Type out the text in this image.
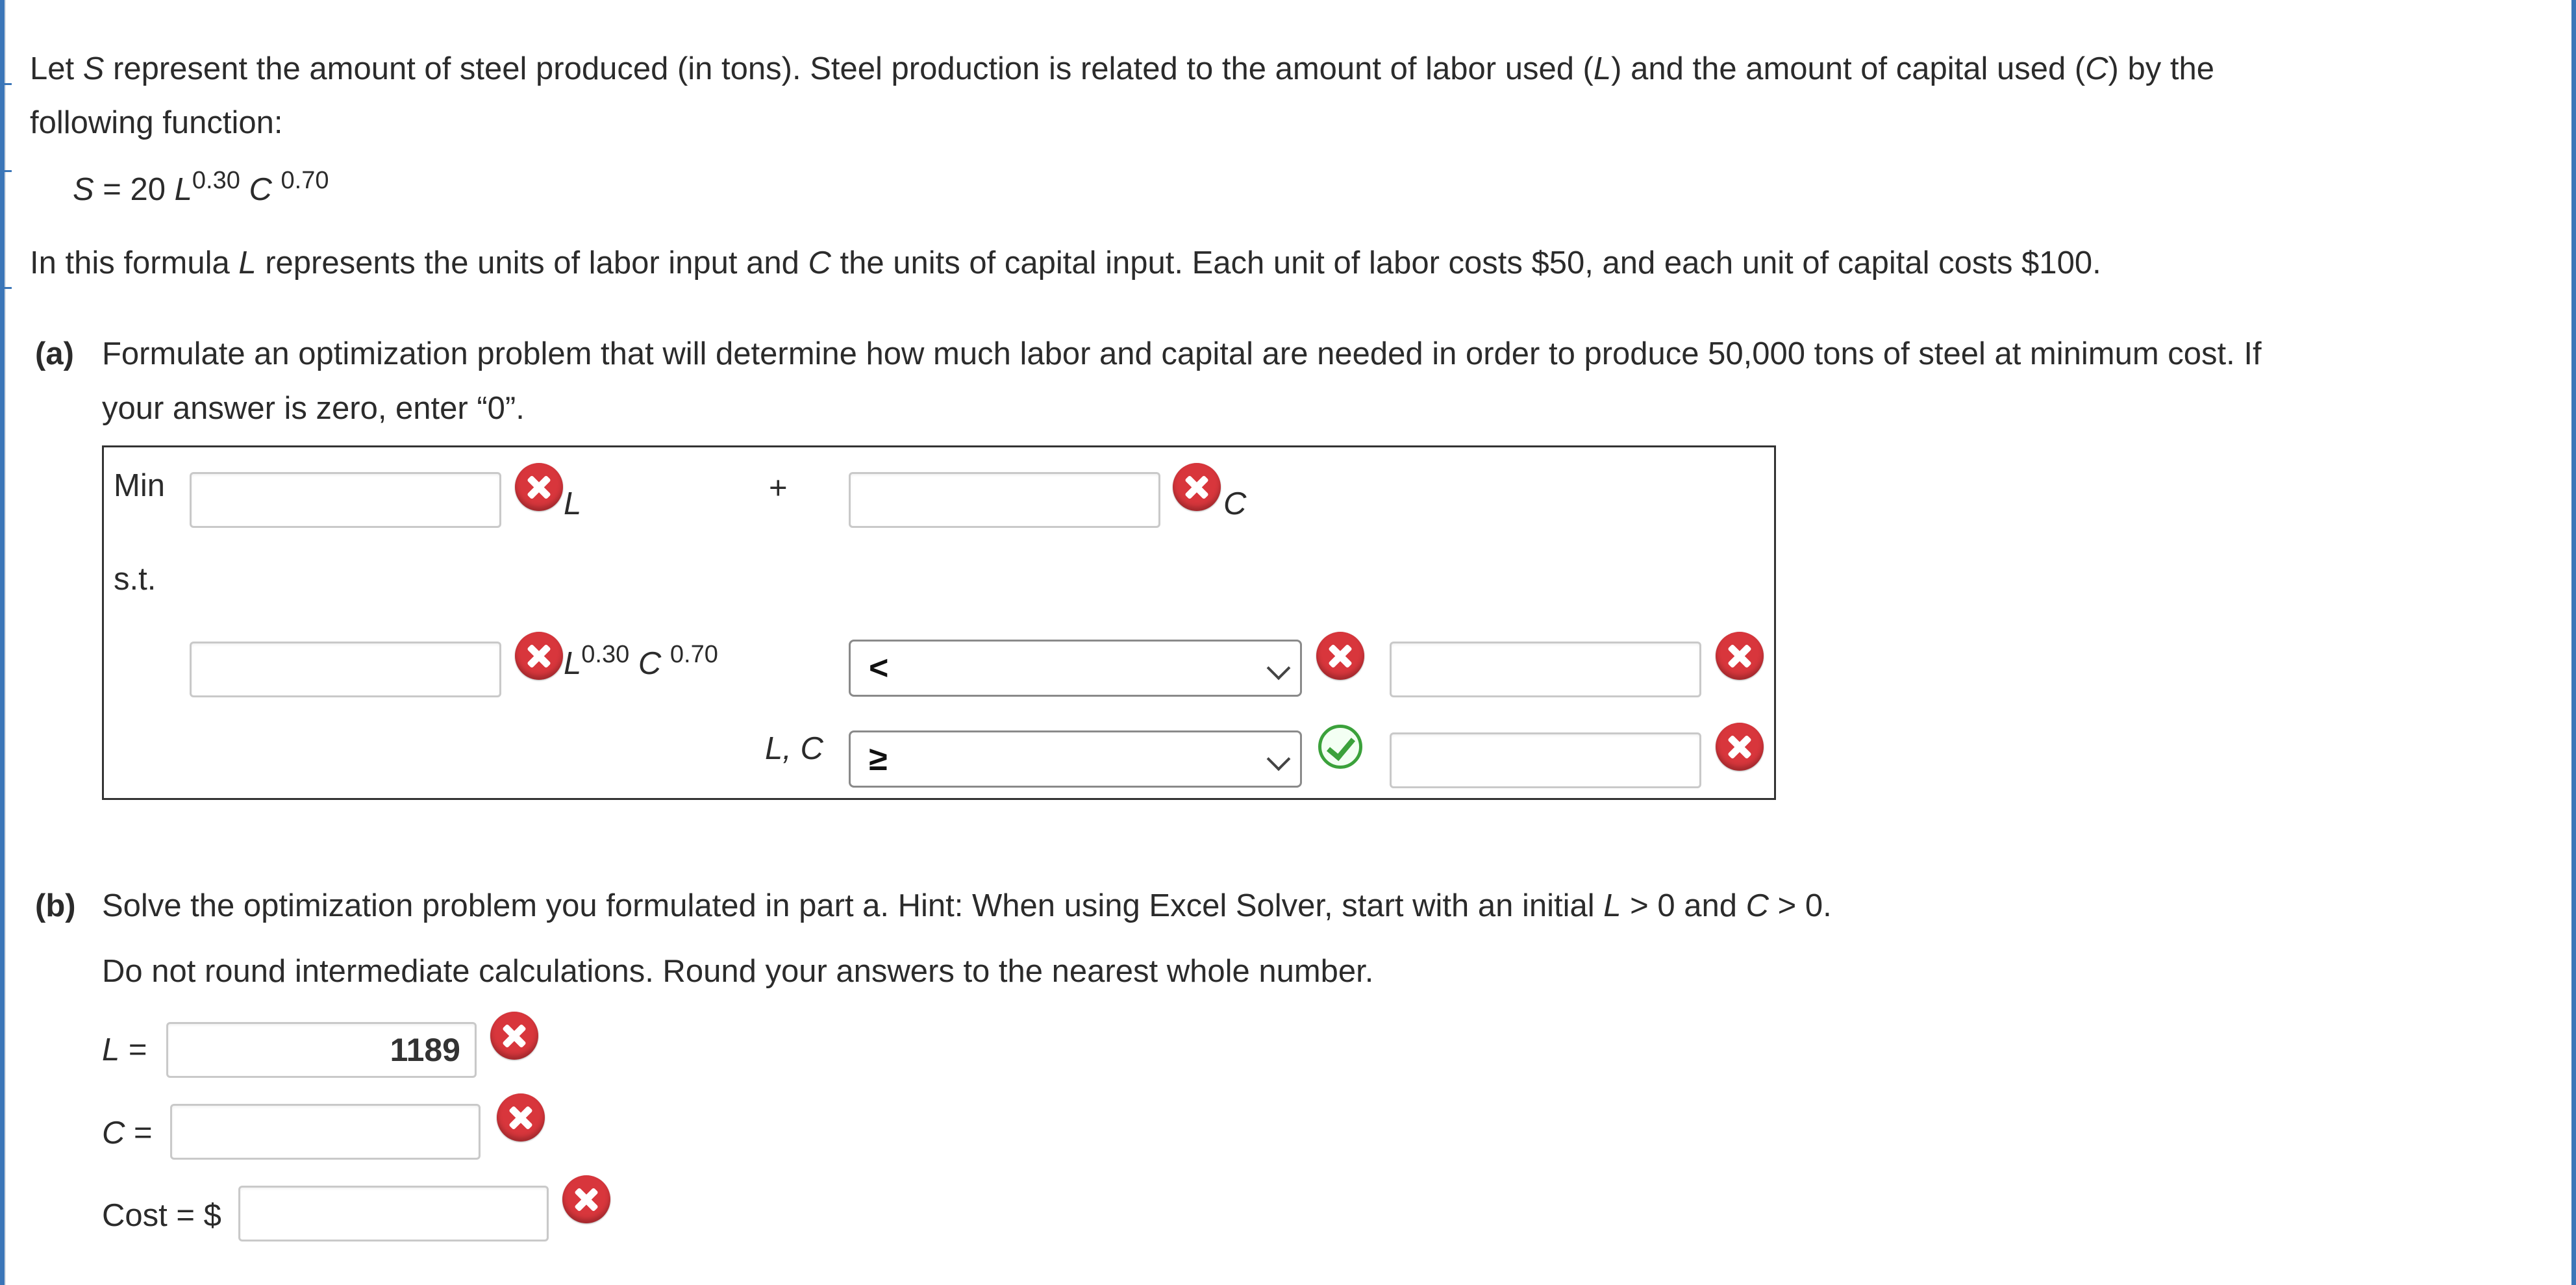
Let S represent the amount of steel produced (in tons). Steel production is related to the amount of labor used (L) and the amount of capital used (C) by the
following function:
S = 20 $L^{0.30}$ C $^{0.70}$
In this formula L represents the units of labor input and C the units of capital input. Each unit of labor costs $50, and each unit of capital costs $100.
(a) Formulate an optimization problem that will determine how much labor and capital are needed in order to produce 50,000 tons of steel at minimum cost. If
your answer is zero, enter “0”.
Min
L	+	C
s.t.
$L^{0.30}$ C $^{0.70}$	<
L, C	≥
(b) Solve the optimization problem you formulated in part a. Hint: When using Excel Solver, start with an initial L > 0 and C > 0.
Do not round intermediate calculations. Round your answers to the nearest whole number.
L =	1189
C =
Cost = $
